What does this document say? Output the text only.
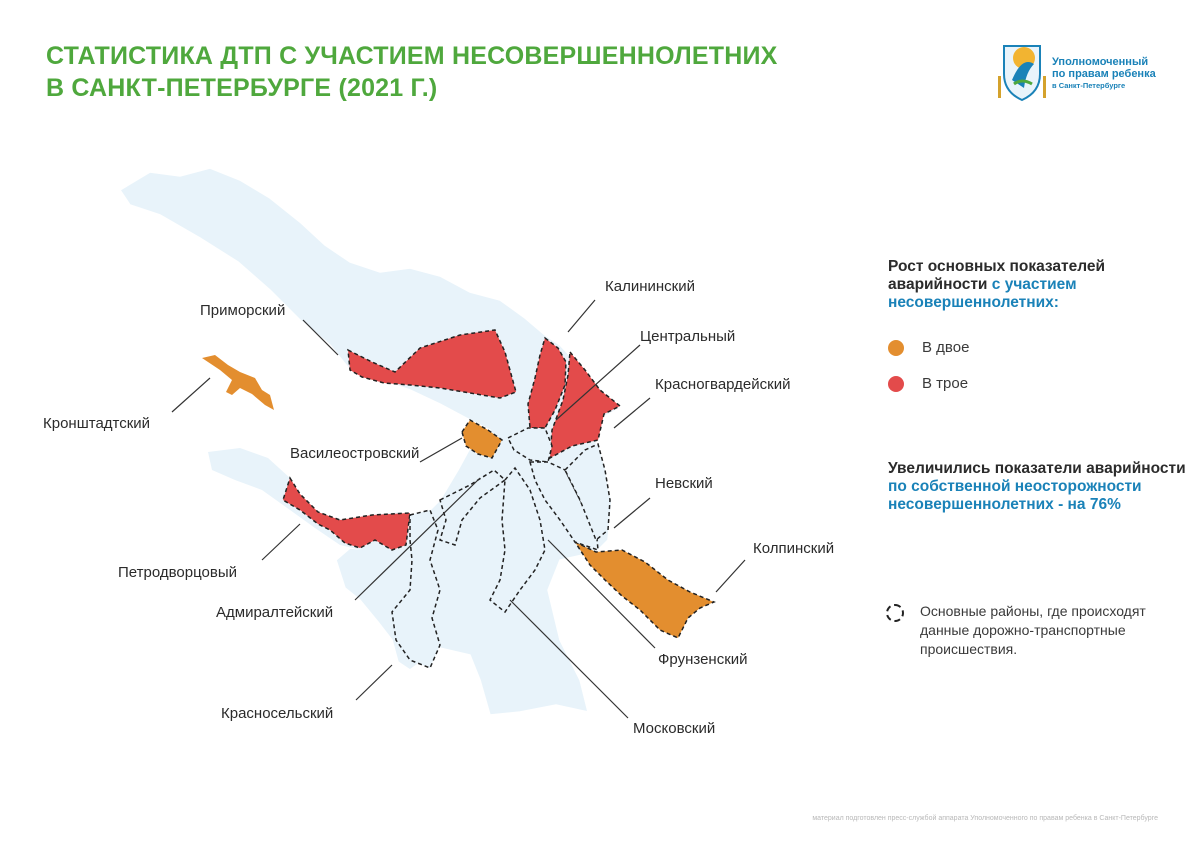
СТАТИСТИКА ДТП С УЧАСТИЕМ НЕСОВЕРШЕННОЛЕТНИХ
В САНКТ-ПЕТЕРБУРГЕ (2021 Г.)
Уполномоченный
по правам ребенка
в Санкт-Петербурге
Калининский
Приморский
Центральный
Красногвардейский
Кронштадтский
Василеостровский
Невский
Колпинский
Петродворцовый
Адмиралтейский
Фрунзенский
Красносельский
Московский
Рост основных показателей аварийности с участием несовершеннолетних:
В двое
В трое
Увеличились показатели аварийности по собственной неосторожности несовершеннолетних - на 76%
Основные районы, где происходят данные дорожно-транспортные происшествия.
материал подготовлен пресс-службой аппарата Уполномоченного по правам ребенка в Санкт-Петербурге
